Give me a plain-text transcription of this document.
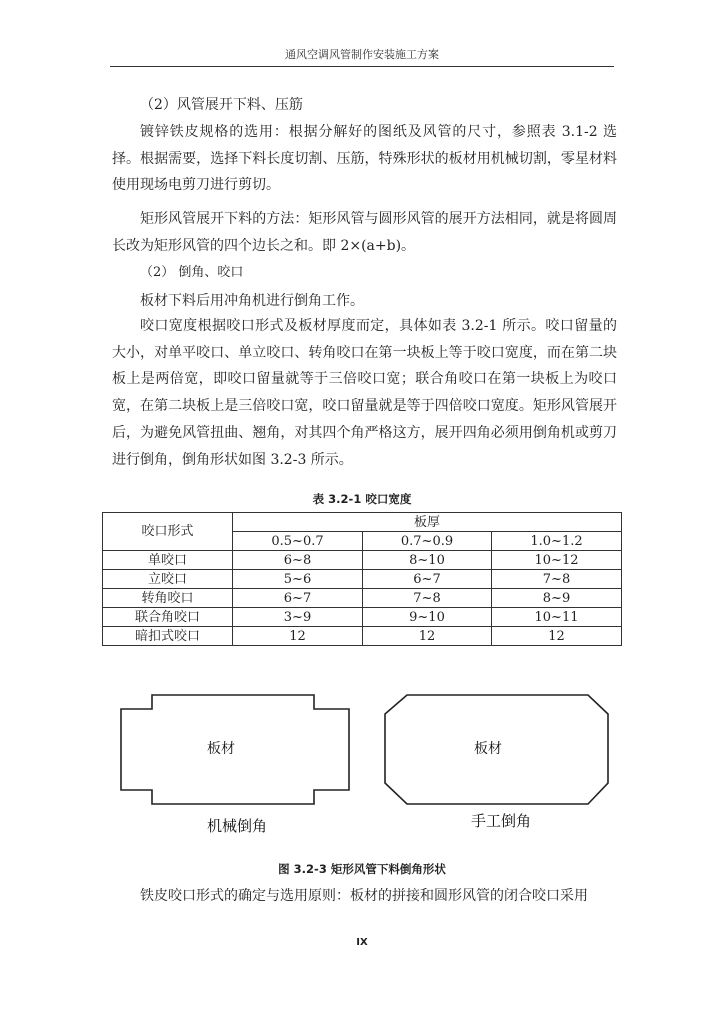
通风空调风管制作安装施工方案

（2）风管展开下料、压筋

镀锌铁皮规格的选用：根据分解好的图纸及风管的尺寸，参照表 3.1-2 选择。根据需要，选择下料长度切割、压筋，特殊形状的板材用机械切割，零星材料使用现场电剪刀进行剪切。

矩形风管展开下料的方法：矩形风管与圆形风管的展开方法相同，就是将圆周长改为矩形风管的四个边长之和。即 2×(a+b)。

（2） 倒角、咬口

板材下料后用冲角机进行倒角工作。

咬口宽度根据咬口形式及板材厚度而定，具体如表 3.2-1 所示。咬口留量的大小，对单平咬口、单立咬口、转角咬口在第一块板上等于咬口宽度，而在第二块板上是两倍宽，即咬口留量就等于三倍咬口宽；联合角咬口在第一块板上为咬口宽，在第二块板上是三倍咬口宽，咬口留量就是等于四倍咬口宽度。矩形风管展开后，为避免风管扭曲、翘角，对其四个角严格这方，展开四角必须用倒角机或剪刀进行倒角，倒角形状如图 3.2-3 所示。

表 3.2-1 咬口宽度
咬口形式	板厚		
	0.5~0.7	0.7~0.9	1.0~1.2
单咬口	6~8	8~10	10~12
立咬口	5~6	6~7	7~8
转角咬口	6~7	7~8	8~9
联合角咬口	3~9	9~10	10~11
暗扣式咬口	12	12	12
板材	板材
机械倒角	手工倒角
图 3.2-3 矩形风管下料倒角形状

铁皮咬口形式的确定与选用原则：板材的拼接和圆形风管的闭合咬口采用

IX
